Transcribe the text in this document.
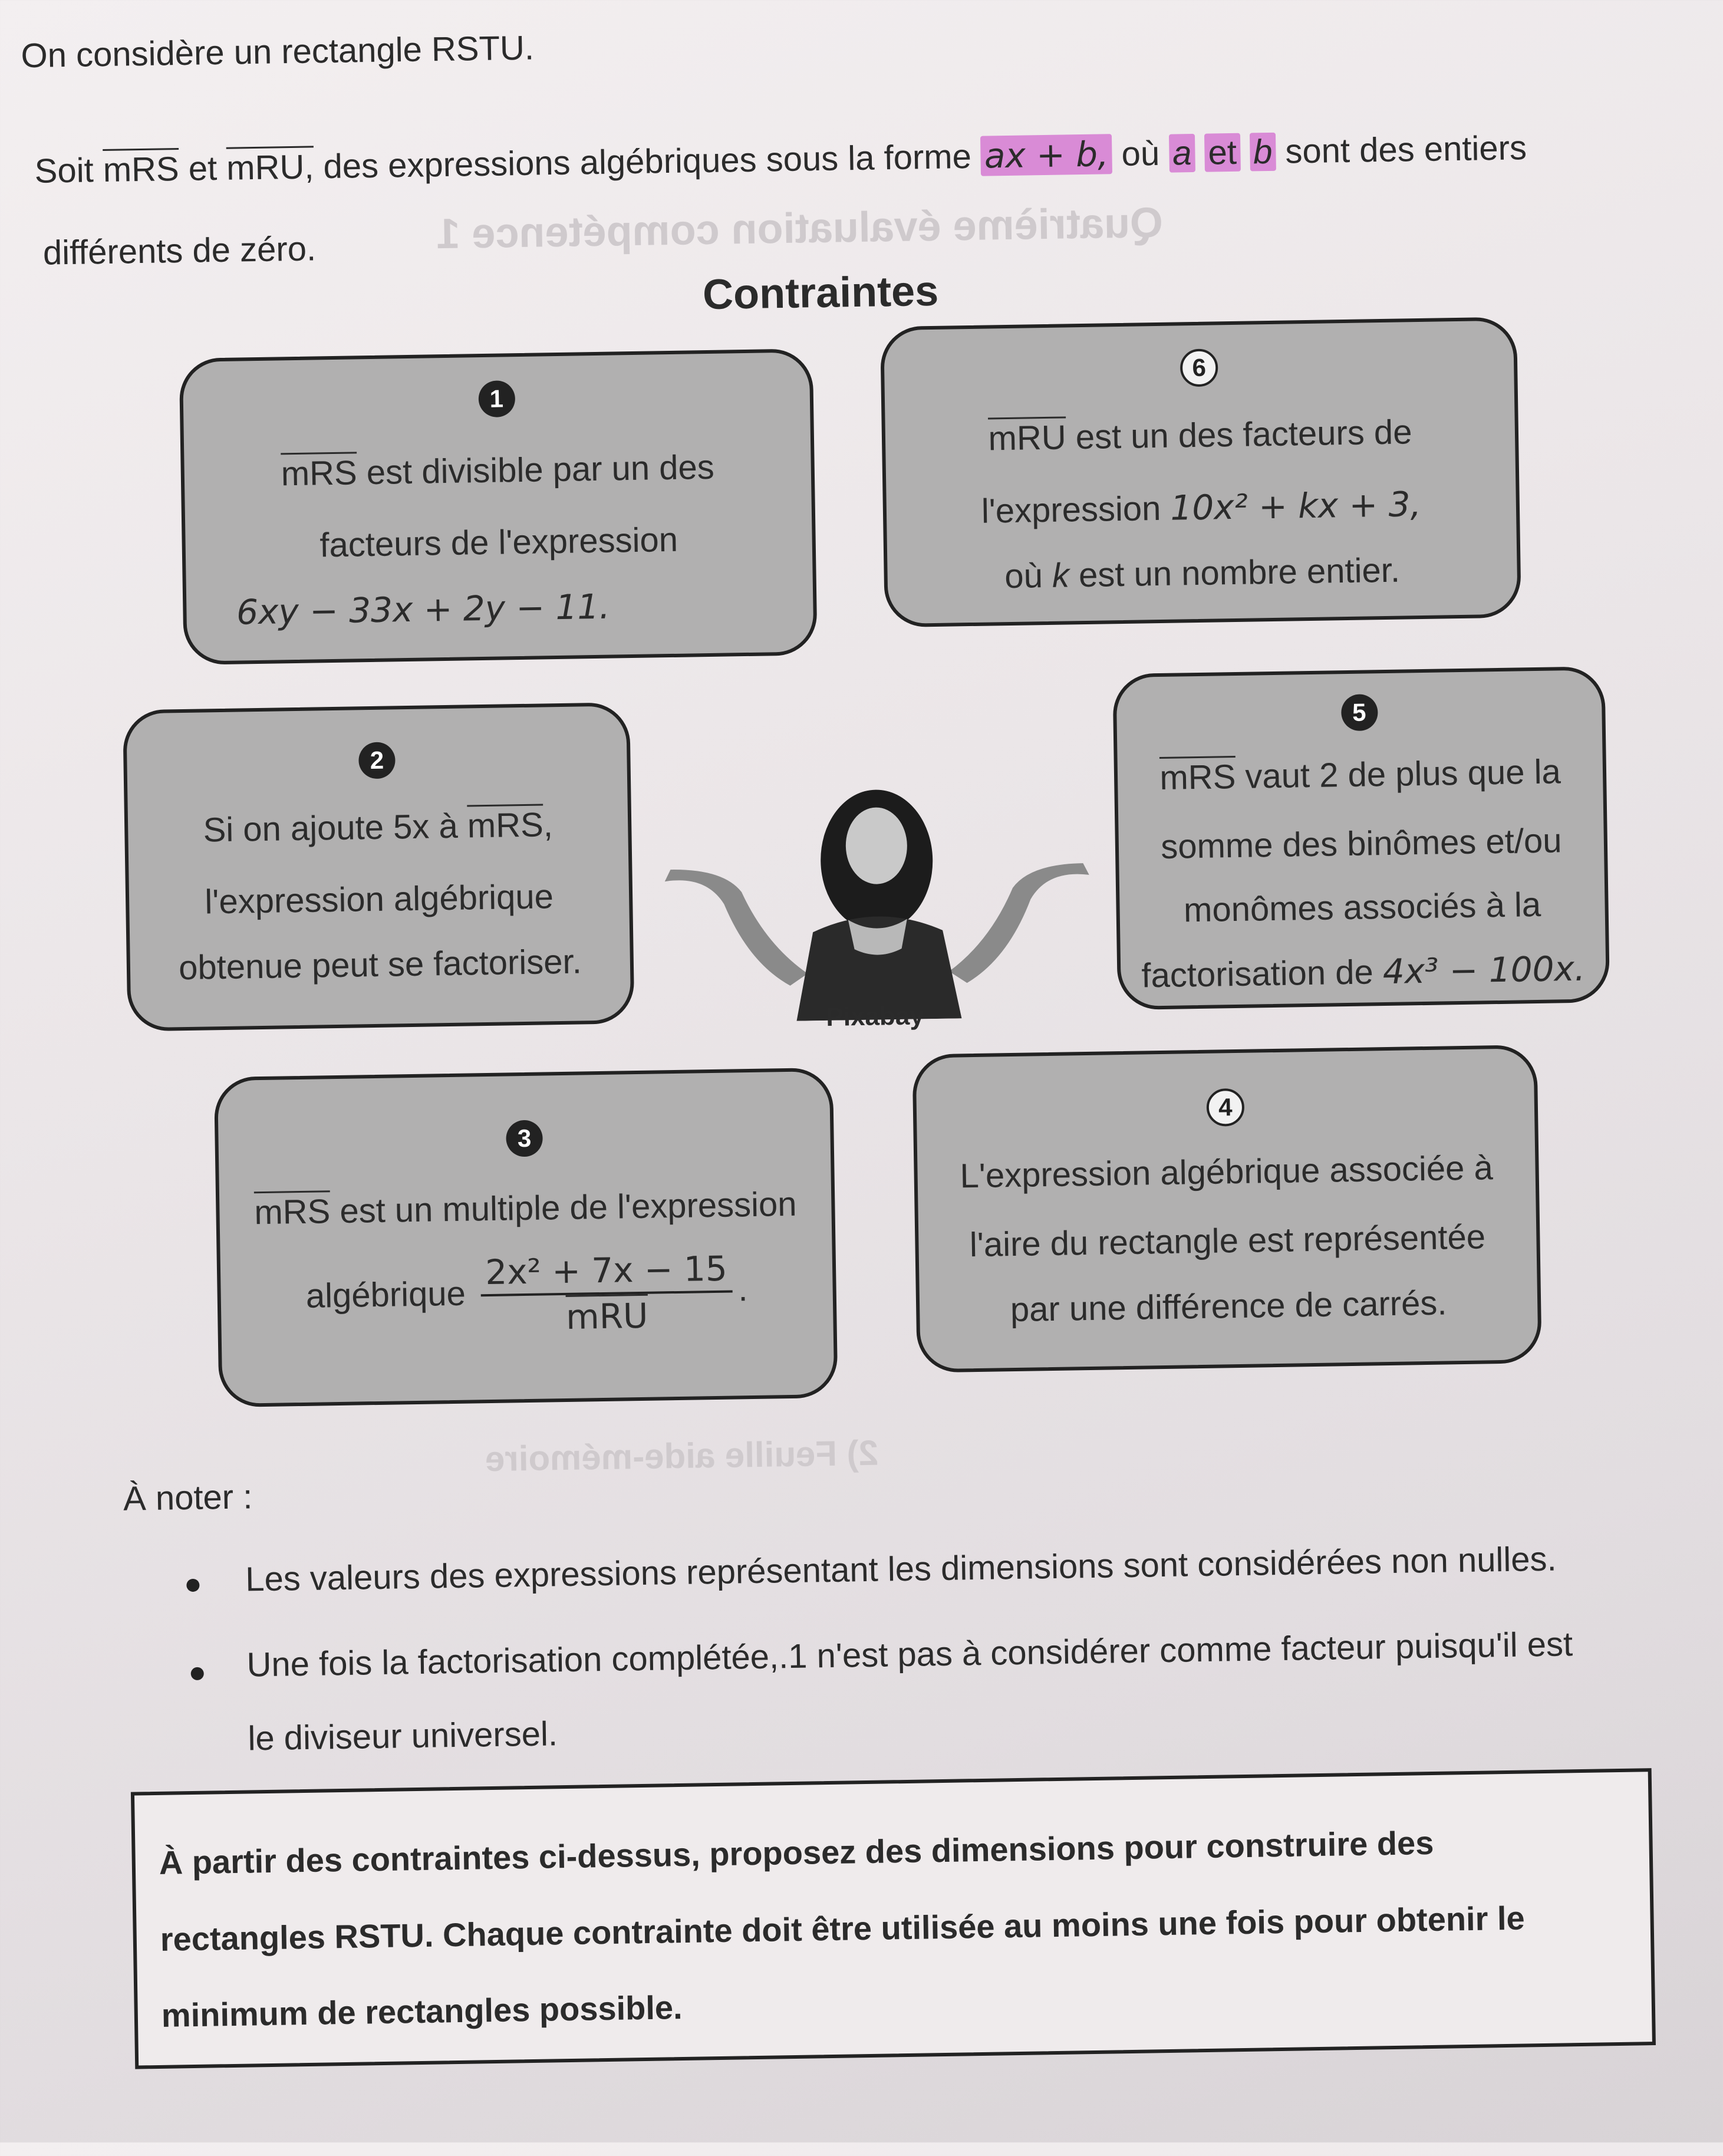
On considère un rectangle RSTU.
Soit $\overline{mRS}$ et mRU, des expressions algébriques sous la forme ax + b, où a et b sont des entiers
différents de zéro.	Quatrième évaluation compétence 1
Contraintes
1
$\overline{mRS}$ est divisible par un des
facteurs de l'expression
6xy − 33x + 2y − 11.
6
$\overline{mRU}$ est un des facteurs de
l'expression 10x² + kx + 3,
où k est un nombre entier.
2
Si on ajoute 5x à $\overline{mRS}$,
l'expression algébrique
obtenue peut se factoriser.
5
$\overline{mRS}$ vaut 2 de plus que la
somme des binômes et/ou
monômes associés à la
factorisation de 4x³ − 100x.
Pixabay
3
$\overline{mRS}$ est un multiple de l'expression
algébrique $\frac{\text{2x² + 7x − 15}}{\text{mRU}}$ .
4
L'expression algébrique associée à
l'aire du rectangle est représentée
par une différence de carrés.
2) Feuille aide-mémoire
À noter :
Les valeurs des expressions représentant les dimensions sont considérées non nulles.
Une fois la factorisation complétée,.1 n'est pas à considérer comme facteur puisqu'il est
le diviseur universel.

À partir des contraintes ci-dessus, proposez des dimensions pour construire des

rectangles RSTU. Chaque contrainte doit être utilisée au moins une fois pour obtenir le

minimum de rectangles possible.
